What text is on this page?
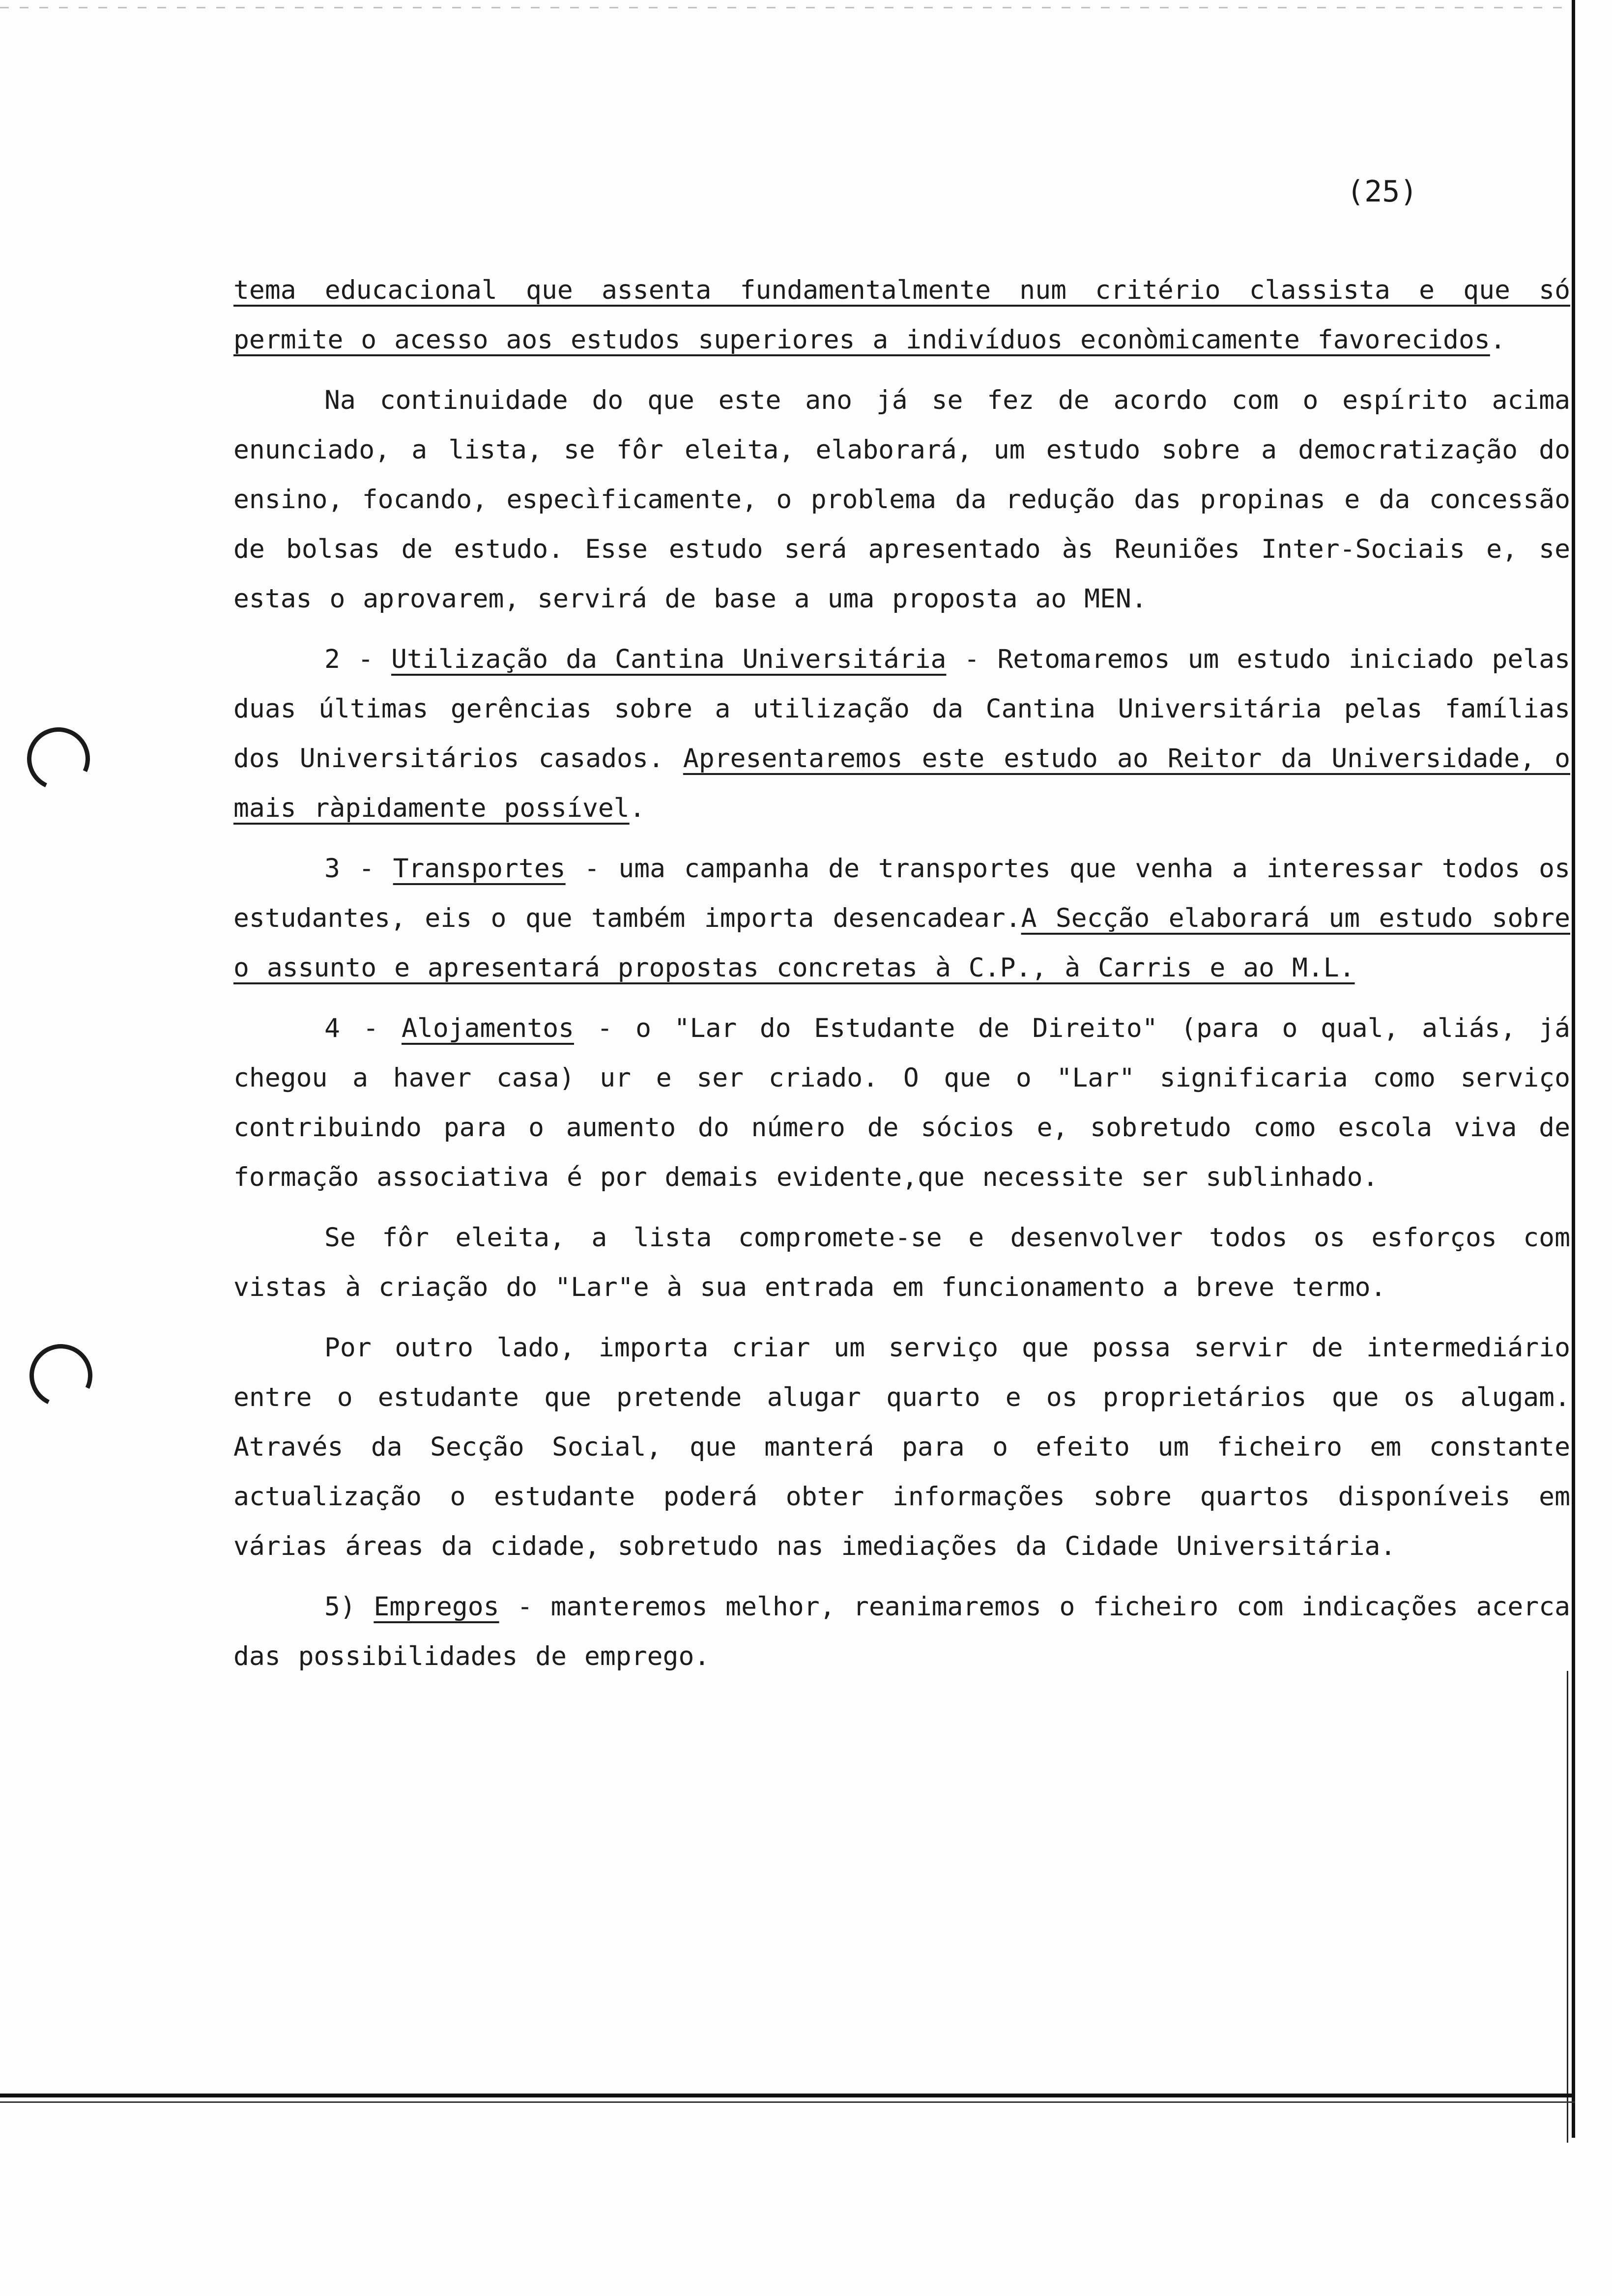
(25)

tema educacional que assenta fundamentalmente num critério classista e que só permite o acesso aos estudos superiores a indivíduos econòmicamente favorecidos.

Na continuidade do que este ano já se fez de acordo com o espírito acima enunciado, a lista, se fôr eleita, elaborará, um estudo sobre a democratização do ensino, focando, especìficamente, o problema da redução das propinas e da concessão de bolsas de estudo. Esse estudo será apresentado às Reuniões Inter-Sociais e, se estas o aprovarem, servirá de base a uma proposta ao MEN.

2 - Utilização da Cantina Universitária - Retomaremos um estudo iniciado pelas duas últimas gerências sobre a utilização da Cantina Universitária pelas famílias dos Universitários casados. Apresentaremos este estudo ao Reitor da Universidade, o mais ràpidamente possível.

3 - Transportes - uma campanha de transportes que venha a interessar todos os estudantes, eis o que também importa desencadear.A Secção elaborará um estudo sobre o assunto e apresentará propostas concretas à C.P., à Carris e ao M.L.

4 - Alojamentos - o "Lar do Estudante de Direito" (para o qual, aliás, já chegou a haver casa) ur e ser criado. O que o "Lar" significaria como serviço contribuindo para o aumento do número de sócios e, sobretudo como escola viva de formação associativa é por demais evidente,que necessite ser sublinhado.

Se fôr eleita, a lista compromete-se e desenvolver todos os esforços com vistas à criação do "Lar"e à sua entrada em funcionamento a breve termo.

Por outro lado, importa criar um serviço que possa servir de intermediário entre o estudante que pretende alugar quarto e os proprietários que os alugam. Através da Secção Social, que manterá para o efeito um ficheiro em constante actualização o estudante poderá obter informações sobre quartos disponíveis em várias áreas da cidade, sobretudo nas imediações da Cidade Universitária.

5) Empregos - manteremos melhor, reanimaremos o ficheiro com indicações acerca das possibilidades de emprego.
